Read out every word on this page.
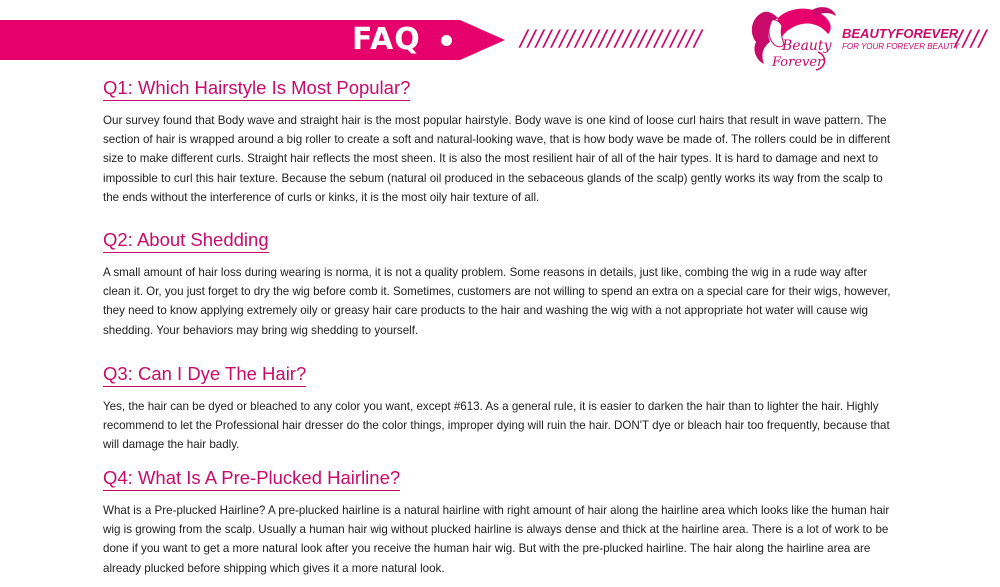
FAQ	///////////////////////	Beauty
Forever
BEAUTYFOREVER
FOR YOUR FOREVER BEAUTY
////
Q1: Which Hairstyle Is Most Popular?

Our survey found that Body wave and straight hair is the most popular hairstyle. Body wave is one kind of loose curl hairs that result in wave pattern. The section of hair is wrapped around a big roller to create a soft and natural-looking wave, that is how body wave be made of. The rollers could be in different size to make different curls. Straight hair reflects the most sheen. It is also the most resilient hair of all of the hair types. It is hard to damage and next to impossible to curl this hair texture. Because the sebum (natural oil produced in the sebaceous glands of the scalp) gently works its way from the scalp to the ends without the interference of curls or kinks, it is the most oily hair texture of all.

Q2: About Shedding

A small amount of hair loss during wearing is norma, it is not a quality problem. Some reasons in details, just like, combing the wig in a rude way after clean it. Or, you just forget to dry the wig before comb it. Sometimes, customers are not willing to spend an extra on a special care for their wigs, however, they need to know applying extremely oily or greasy hair care products to the hair and washing the wig with a not appropriate hot water will cause wig shedding. Your behaviors may bring wig shedding to yourself.

Q3: Can I Dye The Hair?

Yes, the hair can be dyed or bleached to any color you want, except #613. As a general rule, it is easier to darken the hair than to lighter the hair. Highly recommend to let the Professional hair dresser do the color things, improper dying will ruin the hair. DON'T dye or bleach hair too frequently, because that will damage the hair badly.

Q4: What Is A Pre-Plucked Hairline?

What is a Pre-plucked Hairline? A pre-plucked hairline is a natural hairline with right amount of hair along the hairline area which looks like the human hair wig is growing from the scalp. Usually a human hair wig without plucked hairline is always dense and thick at the hairline area. There is a lot of work to be done if you want to get a more natural look after you receive the human hair wig. But with the pre-plucked hairline. The hair along the hairline area are already plucked before shipping which gives it a more natural look.
